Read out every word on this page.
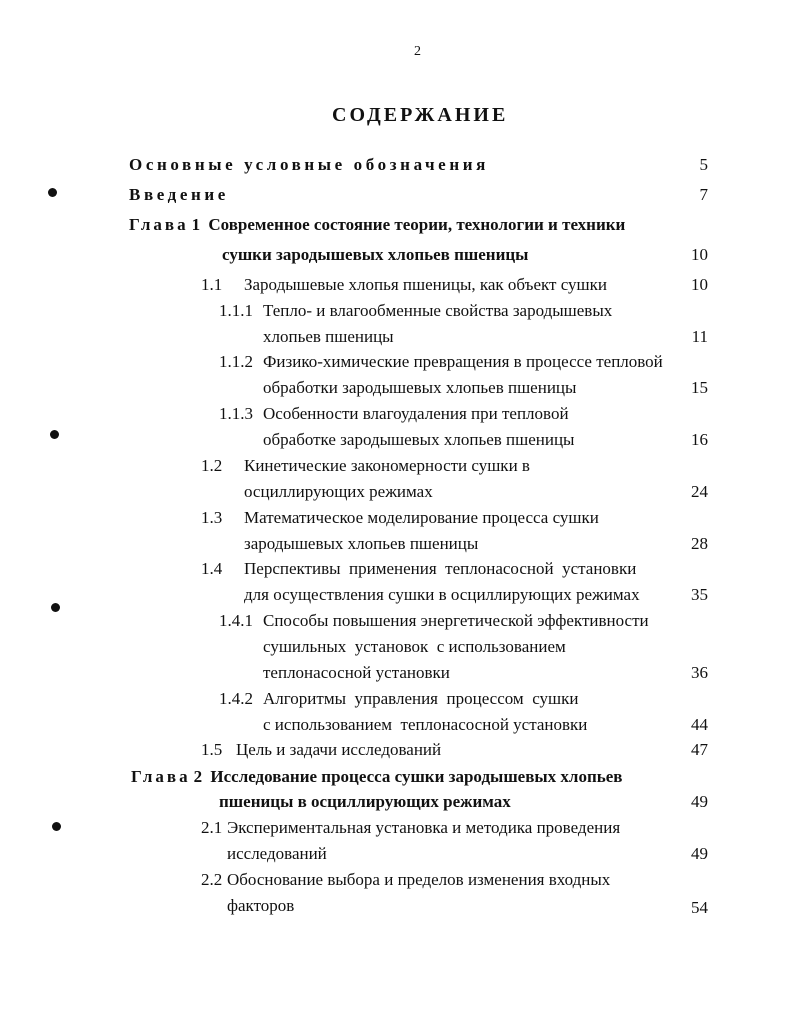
2
СОДЕРЖАНИЕ
Основные условные обозначения	5
Введение	7
Глава 1 Современное состояние теории, технологии и техники
сушки зародышевых хлопьев пшеницы	10
1.1 Зародышевые хлопья пшеницы, как объект сушки	10
1.1.1 Тепло- и влагообменные свойства зародышевых
хлопьев пшеницы	11
1.1.2 Физико-химические превращения в процессе тепловой
обработки зародышевых хлопьев пшеницы	15
1.1.3 Особенности влагоудаления при тепловой
обработке зародышевых хлопьев пшеницы	16
1.2 Кинетические закономерности сушки в
осциллирующих режимах	24
1.3 Математическое моделирование процесса сушки
зародышевых хлопьев пшеницы	28
1.4 Перспективы  применения  теплонасосной  установки
для осуществления сушки в осциллирующих режимах	35
1.4.1 Способы повышения энергетической эффективности
сушильных  установок  с использованием
теплонасосной установки	36
1.4.2 Алгоритмы  управления  процессом  сушки
с использованием  теплонасосной установки	44
1.5 Цель и задачи исследований	47
Глава 2 Исследование процесса сушки зародышевых хлопьев
пшеницы в осциллирующих режимах	49
2.1 Экспериментальная установка и методика проведения
исследований	49
2.2 Обоснование выбора и пределов изменения входных
факторов	54
